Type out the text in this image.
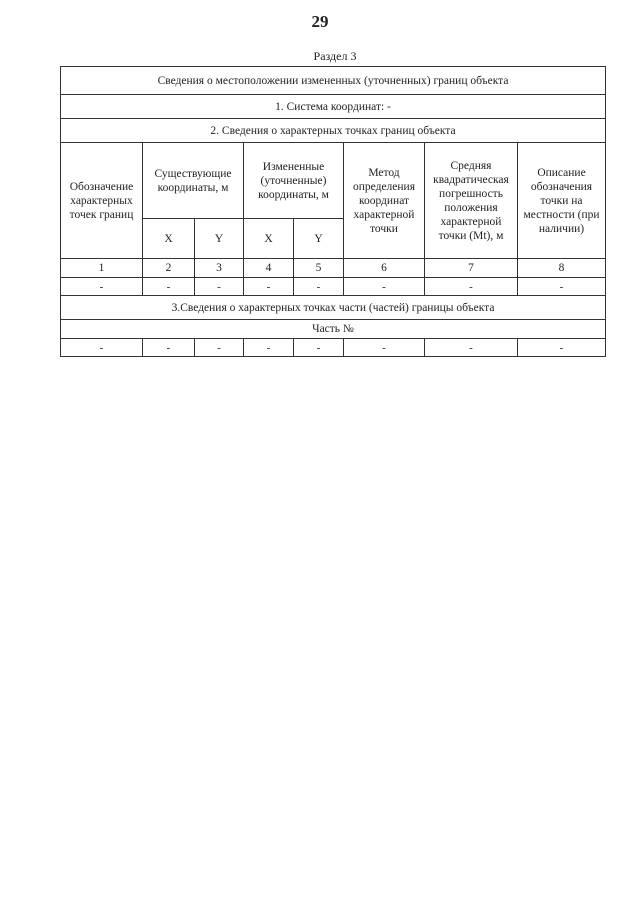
29
Раздел 3
Сведения о местоположении измененных (уточненных) границ объекта							
1. Система координат: -							
2. Сведения о характерных точках границ объекта							
Обозначение характерных точек границ	Существующие координаты, м		Измененные (уточненные) координаты, м		Метод определения координат характерной точки	Средняя квадратическая погрешность положения характерной точки (Mt), м	Описание обозначения точки на местности (при наличии)
	X	Y	X	Y			
1	2	3	4	5	6	7	8
-	-	-	-	-	-	-	-
3.Сведения о характерных точках части (частей) границы объекта							
Часть №							
-	-	-	-	-	-	-	-
